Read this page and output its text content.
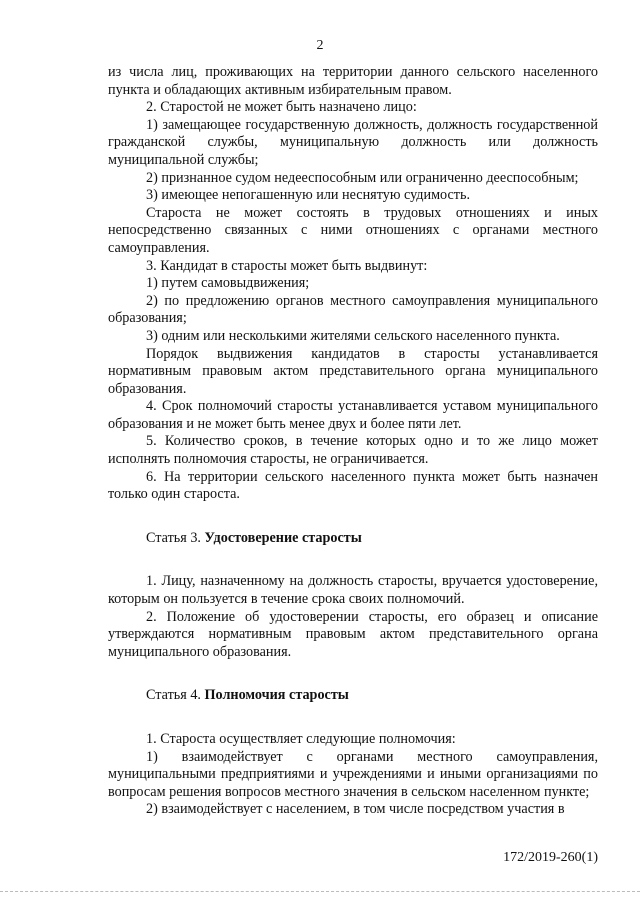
2

из числа лиц, проживающих на территории данного сельского населенного пункта и обладающих активным избирательным правом.

2. Старостой не может быть назначено лицо:

1) замещающее государственную должность, должность государственной гражданской службы, муниципальную должность или должность муниципальной службы;

2) признанное судом недееспособным или ограниченно дееспособным;

3) имеющее непогашенную или неснятую судимость.

Староста не может состоять в трудовых отношениях и иных непосредственно связанных с ними отношениях с органами местного самоуправления.

3. Кандидат в старосты может быть выдвинут:

1) путем самовыдвижения;

2) по предложению органов местного самоуправления муниципального образования;

3) одним или несколькими жителями сельского населенного пункта.

Порядок выдвижения кандидатов в старосты устанавливается нормативным правовым актом представительного органа муниципального образования.

4. Срок полномочий старосты устанавливается уставом муниципального образования и не может быть менее двух и более пяти лет.

5. Количество сроков, в течение которых одно и то же лицо может исполнять полномочия старосты, не ограничивается.

6. На территории сельского населенного пункта может быть назначен только один староста.

Статья 3. Удостоверение старосты

1. Лицу, назначенному на должность старосты, вручается удостоверение, которым он пользуется в течение срока своих полномочий.

2. Положение об удостоверении старосты, его образец и описание утверждаются нормативным правовым актом представительного органа муниципального образования.

Статья 4. Полномочия старосты

1. Староста осуществляет следующие полномочия:

1) взаимодействует с органами местного самоуправления, муниципальными предприятиями и учреждениями и иными организациями по вопросам решения вопросов местного значения в сельском населенном пункте;

2) взаимодействует с населением, в том числе посредством участия в

172/2019-260(1)
